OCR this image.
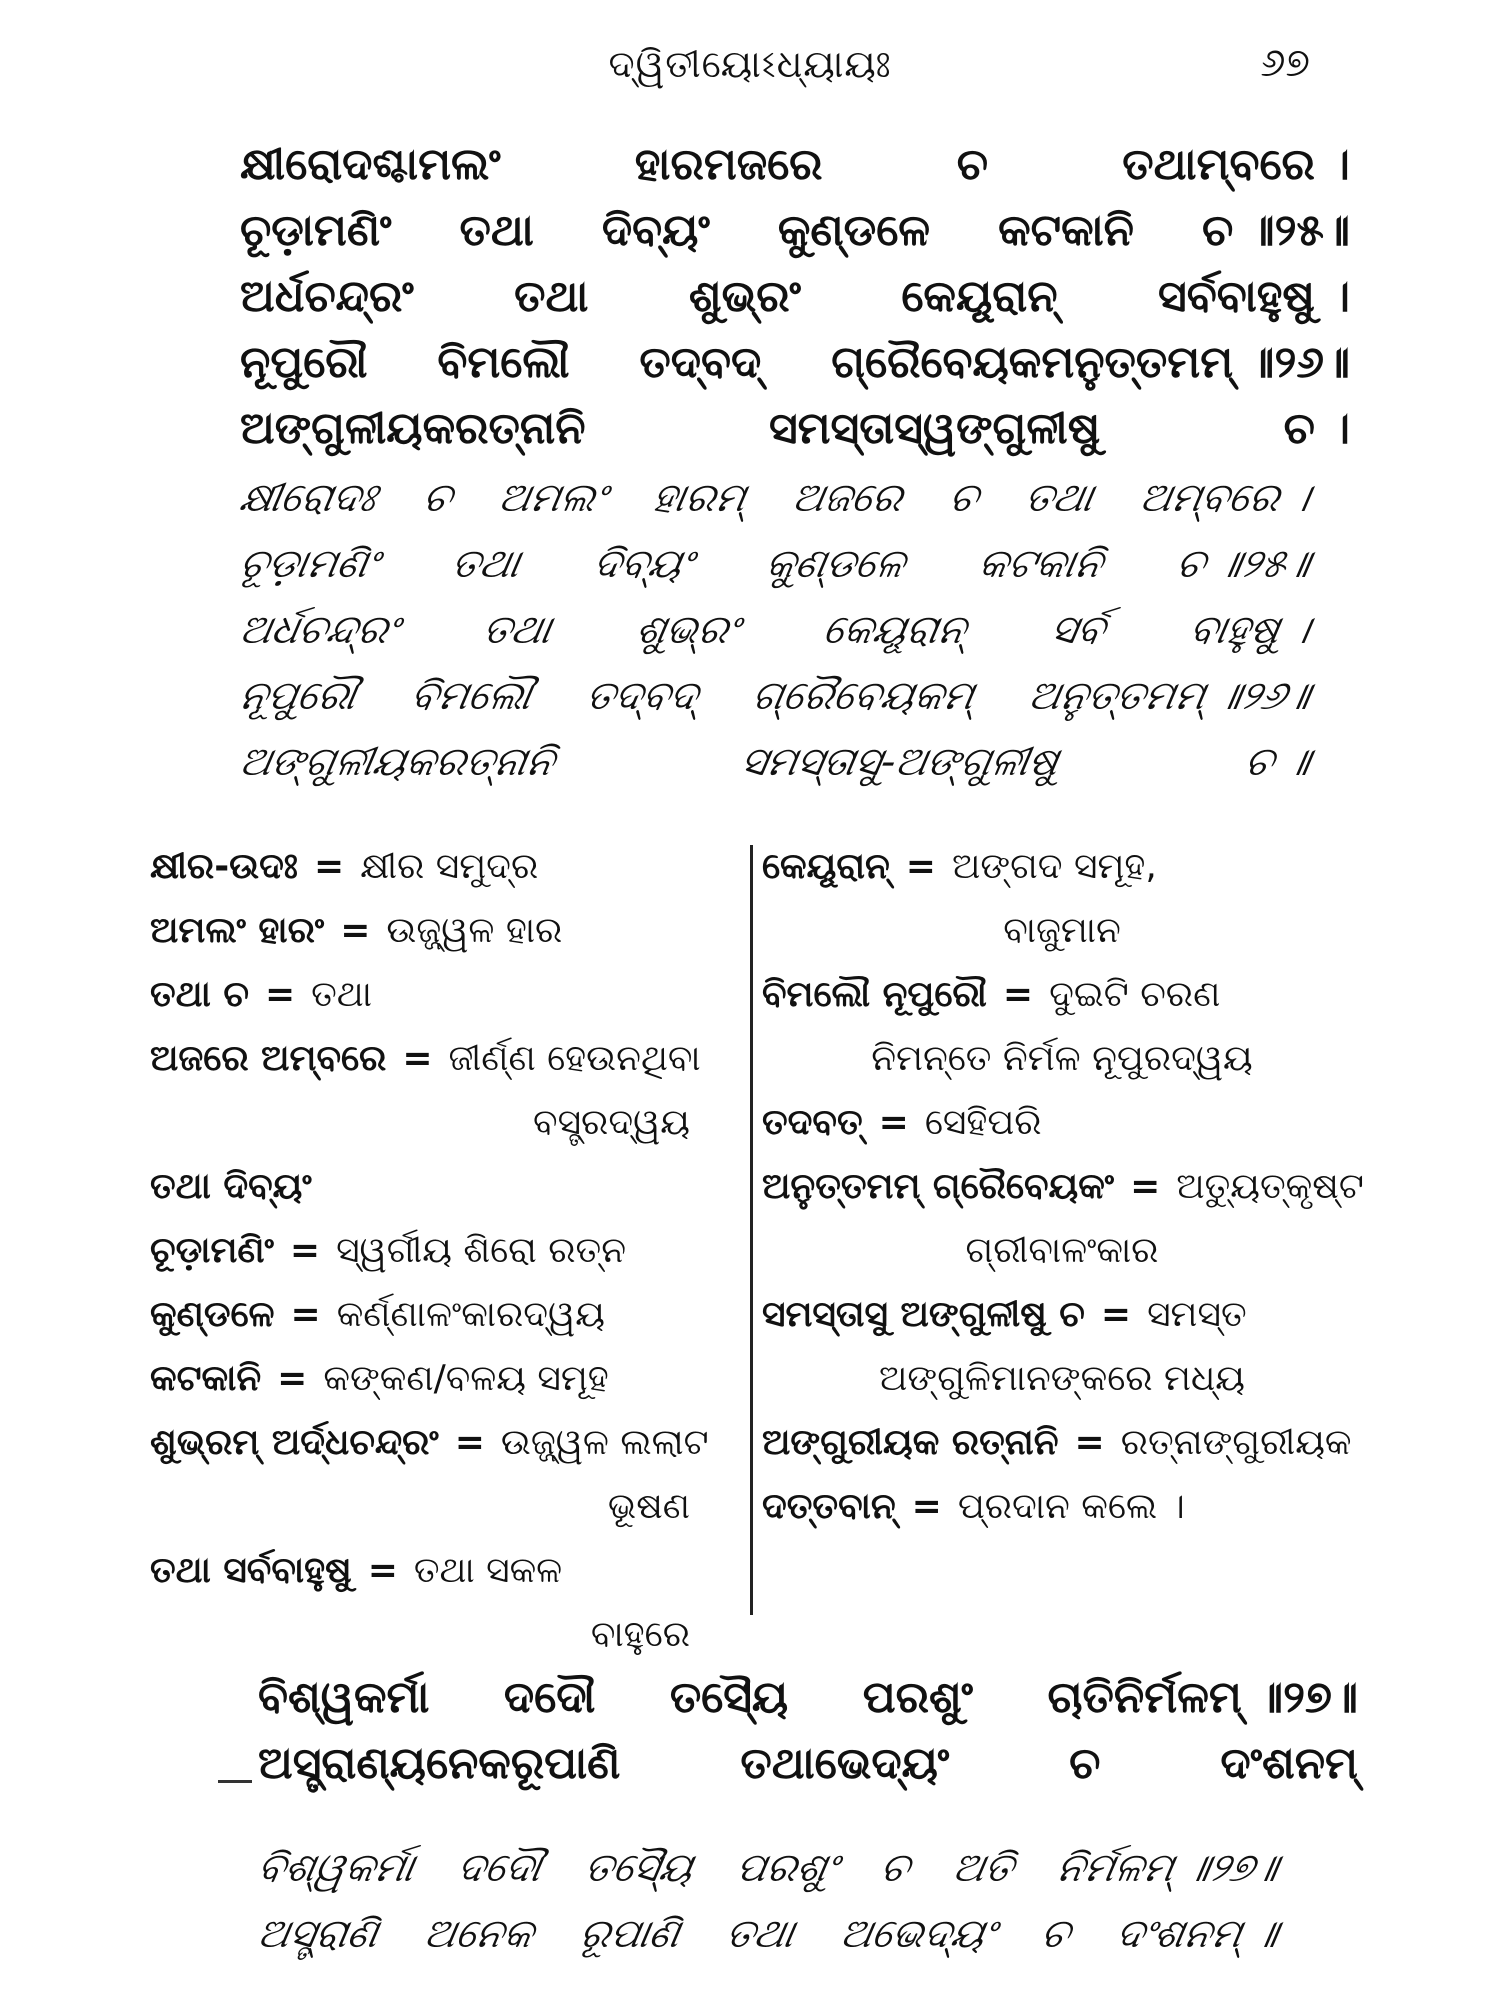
ଦ୍ୱିତୀୟୋଽଧ୍ୟାୟଃ	୬୭
କ୍ଷୀରୋଦଶ୍ଚାମଲଂ	ହାରମଜରେ	ଚ	ତଥାମ୍ବରେ ।
ଚୂଡ଼ାମଣିଂ ତଥା ଦିବ୍ୟଂ କୁଣ୍ଡଳେ କଟକାନି ଚ ॥୨୫॥
ଅର୍ଧଚନ୍ଦ୍ରଂ ତଥା ଶୁଭ୍ରଂ କେୟୂରାନ୍ ସର୍ବବାହୁଷୁ ।
ନୂପୁରୌ ବିମଲୌ ତଦ୍‌ବଦ୍ ଗ୍ରୈବେୟକମନୁତ୍ତମମ୍ ॥୨୬॥
ଅଙ୍ଗୁଳୀୟକରତ୍ନାନି	ସମସ୍ତାସ୍ୱଙ୍ଗୁଳୀଷୁ	ଚ ।
କ୍ଷୀରୋଦଃ ଚ ଅମଲଂ ହାରମ୍ ଅଜରେ ଚ ତଥା ଅମ୍ବରେ ।
ଚୂଡ଼ାମଣିଂ ତଥା ଦିବ୍ୟଂ କୁଣ୍ଡଳେ କଟକାନି ଚ ॥୨୫॥
ଅର୍ଧଚନ୍ଦ୍ରଂ ତଥା ଶୁଭ୍ରଂ କେୟୂରାନ୍ ସର୍ବ ବାହୁଷୁ ।
ନୂପୁରୌ ବିମଲୌ ତଦ୍‌ବଦ୍ ଗ୍ରୈବେୟକମ୍ ଅନୁତ୍ତମମ୍ ॥୨୬॥
ଅଙ୍ଗୁଳୀୟକରତ୍ନାନି	ସମସ୍ତାସୁ-ଅଙ୍ଗୁଳୀଷୁ	ଚ ॥
କ୍ଷୀର-ଉଦଃ = କ୍ଷୀର ସମୁଦ୍ର
ଅମଲଂ ହାରଂ = ଉଜ୍ଜ୍ୱଳ ହାର
ତଥା ଚ = ତଥା
ଅଜରେ ଅମ୍ବରେ = ଜୀର୍ଣ୍ଣ ହେଉନଥିବା
ବସ୍ତ୍ରଦ୍ୱୟ
ତଥା ଦିବ୍ୟଂ
ଚୂଡ଼ାମଣିଂ = ସ୍ୱର୍ଗୀୟ ଶିରୋ ରତ୍ନ
କୁଣ୍ଡଳେ = କର୍ଣ୍ଣାଳଂକାରଦ୍ୱୟ
କଟକାନି = କଙ୍କଣ/ବଳୟ ସମୂହ
ଶୁଭ୍ରମ୍ ଅର୍ଦ୍ଧଚନ୍ଦ୍ରଂ = ଉଜ୍ଜ୍ୱଳ ଲଲାଟ
ଭୂଷଣ
ତଥା ସର୍ବବାହୁଷୁ = ତଥା ସକଳ
ବାହୁରେ
କେୟୂରାନ୍ = ଅଙ୍ଗଦ ସମୂହ,
ବାଜୁମାନ
ବିମଲୌ ନୂପୁରୌ = ଦୁଇଟି ଚରଣ
ନିମନ୍ତେ ନିର୍ମଳ ନୂପୁରଦ୍ୱୟ
ତଦବତ୍ = ସେହିପରି
ଅନୁତ୍ତମମ୍ ଗ୍ରୈବେୟକଂ = ଅତ୍ୟୁତ୍କୃଷ୍ଟ
ଗ୍ରୀବାଳଂକାର
ସମସ୍ତାସୁ ଅଙ୍ଗୁଳୀଷୁ ଚ = ସମସ୍ତ
ଅଙ୍ଗୁଳିମାନଙ୍କରେ ମଧ୍ୟ
ଅଙ୍ଗୁରୀୟକ ରତ୍ନାନି = ରତ୍ନାଙ୍ଗୁରୀୟକ
ଦତ୍ତବାନ୍ = ପ୍ରଦାନ କଲେ ।
ବିଶ୍ୱକର୍ମା ଦଦୌ ତସ୍ୟୈ ପରଶୁଂ ଚାତିନିର୍ମଳମ୍ ॥୨୭॥
ଅସ୍ତ୍ରାଣ୍ୟନେକରୂପାଣି	ତଥାଭେଦ୍ୟଂ	ଚ	ଦଂଶନମ୍
ବିଶ୍ୱକର୍ମା ଦଦୌ ତସ୍ୟୈ ପରଶୁଂ ଚ ଅତି ନିର୍ମଳମ୍ ॥୨୭॥
ଅସ୍ତ୍ରାଣି ଅନେକ ରୂପାଣି ତଥା ଅଭେଦ୍ୟଂ ଚ ଦଂଶନମ୍ ॥
